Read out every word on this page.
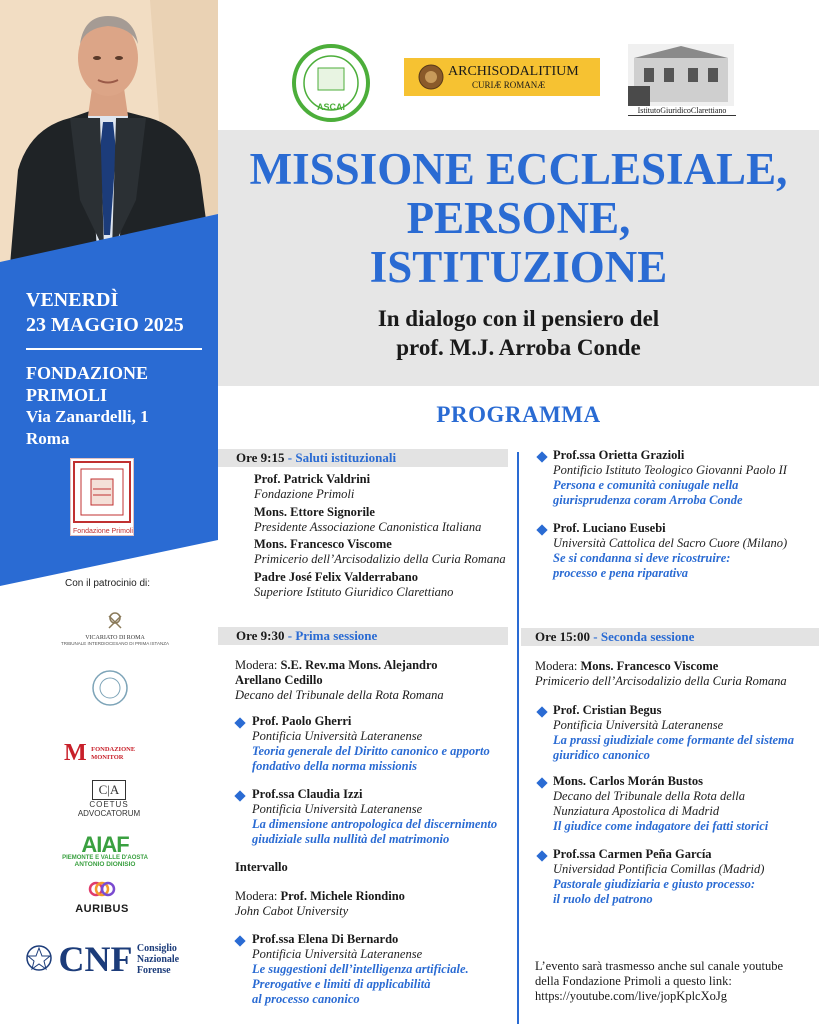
VENERDÌ
23 MAGGIO 2025
FONDAZIONE
PRIMOLI
Via Zanardelli, 1
Roma
Fondazione Primoli
Con il patrocinio di:
VICARIATO DI ROMA
TRIBUNALE INTERDIOCESANO DI PRIMA ISTANZA
M FONDAZIONE MONITOR
C|A
COETUS
ADVOCATORUM
AIAF
PIEMONTE E VALLE D'AOSTA
ANTONIO DIONISIO
AURIBUS
CNF Consiglio
Nazionale
Forense
ASCAI
ARCHISODALITIUM
CURIÆ ROMANÆ
IstitutoGiuridicoClarettiano
MISSIONE ECCLESIALE,
PERSONE,
ISTITUZIONE
In dialogo con il pensiero del
prof. M.J. Arroba Conde
PROGRAMMA
Ore 9:15 - Saluti istituzionali
Prof. Patrick Valdrini
Fondazione Primoli
Mons. Ettore Signorile
Presidente Associazione Canonistica Italiana
Mons. Francesco Viscome
Primicerio dell’Arcisodalizio della Curia Romana
Padre José Felix Valderrabano
Superiore Istituto Giuridico Clarettiano
Ore 9:30 - Prima sessione
Modera: S.E. Rev.ma Mons. Alejandro
Arellano Cedillo
Decano del Tribunale della Rota Romana
Prof. Paolo Gherri
Pontificia Università Lateranense
Teoria generale del Diritto canonico e apporto
fondativo della norma missionis
Prof.ssa Claudia Izzi
Pontificia Università Lateranense
La dimensione antropologica del discernimento
giudiziale sulla nullità del matrimonio
Intervallo
Modera: Prof. Michele Riondino
John Cabot University
Prof.ssa Elena Di Bernardo
Pontificia Università Lateranense
Le suggestioni dell’intelligenza artificiale.
Prerogative e limiti di applicabilità
al processo canonico
Prof.ssa Orietta Grazioli
Pontificio Istituto Teologico Giovanni Paolo II
Persona e comunità coniugale nella
giurisprudenza coram Arroba Conde
Prof. Luciano Eusebi
Università Cattolica del Sacro Cuore (Milano)
Se si condanna si deve ricostruire:
processo e pena riparativa
Ore 15:00 - Seconda sessione
Modera: Mons. Francesco Viscome
Primicerio dell’Arcisodalizio della Curia Romana
Prof. Cristian Begus
Pontificia Università Lateranense
La prassi giudiziale come formante del sistema
giuridico canonico
Mons. Carlos Morán Bustos
Decano del Tribunale della Rota della
Nunziatura Apostolica di Madrid
Il giudice come indagatore dei fatti storici
Prof.ssa Carmen Peña García
Universidad Pontificia Comillas (Madrid)
Pastorale giudiziaria e giusto processo:
il ruolo del patrono
L’evento sarà trasmesso anche sul canale youtube
della Fondazione Primoli a questo link:
https://youtube.com/live/jopKplcXoJg
